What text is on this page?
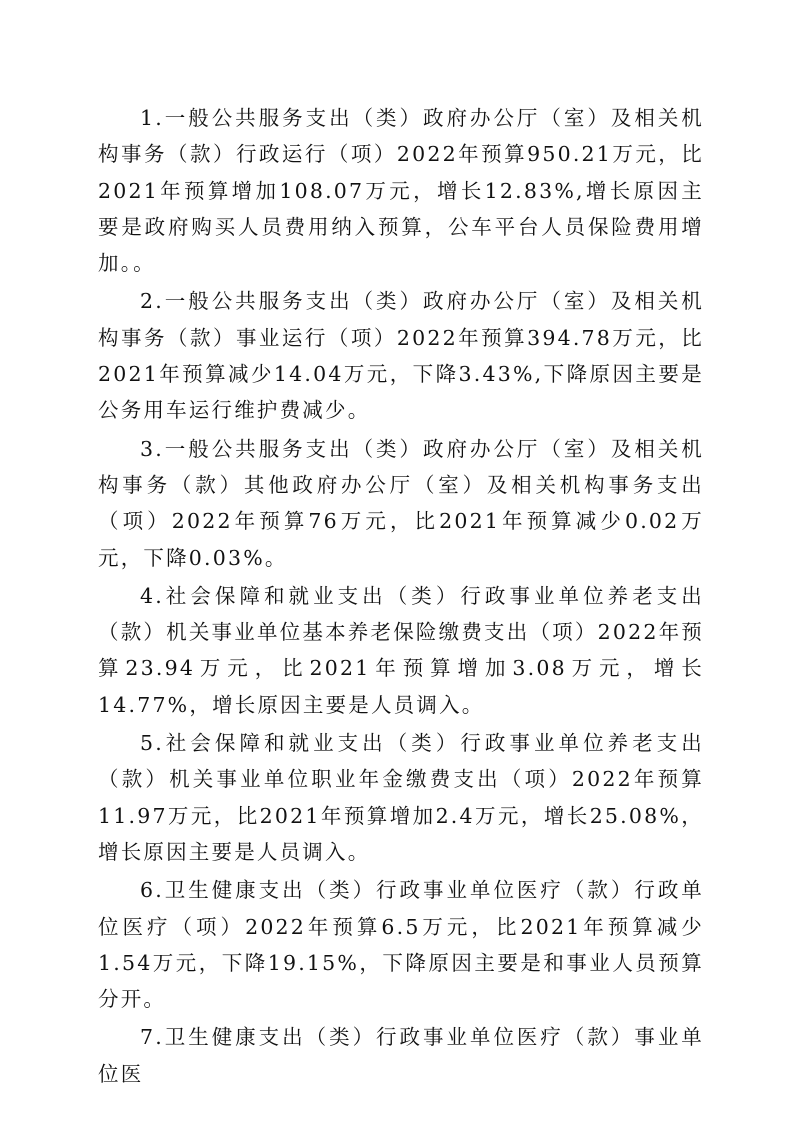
1.一般公共服务支出（类）政府办公厅（室）及相关机构事务（款）行政运行（项）2022年预算950.21万元，比2021年预算增加108.07万元，增长12.83%,增长原因主要是政府购买人员费用纳入预算，公车平台人员保险费用增加。。

2.一般公共服务支出（类）政府办公厅（室）及相关机构事务（款）事业运行（项）2022年预算394.78万元，比2021年预算减少14.04万元，下降3.43%,下降原因主要是公务用车运行维护费减少。

3.一般公共服务支出（类）政府办公厅（室）及相关机构事务（款）其他政府办公厅（室）及相关机构事务支出（项）2022年预算76万元，比2021年预算减少0.02万元，下降0.03%。

4.社会保障和就业支出（类）行政事业单位养老支出（款）机关事业单位基本养老保险缴费支出（项）2022年预算23.94万元，比2021年预算增加3.08万元，增长14.77%，增长原因主要是人员调入。

5.社会保障和就业支出（类）行政事业单位养老支出（款）机关事业单位职业年金缴费支出（项）2022年预算11.97万元，比2021年预算增加2.4万元，增长25.08%，增长原因主要是人员调入。

6.卫生健康支出（类）行政事业单位医疗（款）行政单位医疗（项）2022年预算6.5万元，比2021年预算减少1.54万元，下降19.15%，下降原因主要是和事业人员预算分开。

7.卫生健康支出（类）行政事业单位医疗（款）事业单位医
